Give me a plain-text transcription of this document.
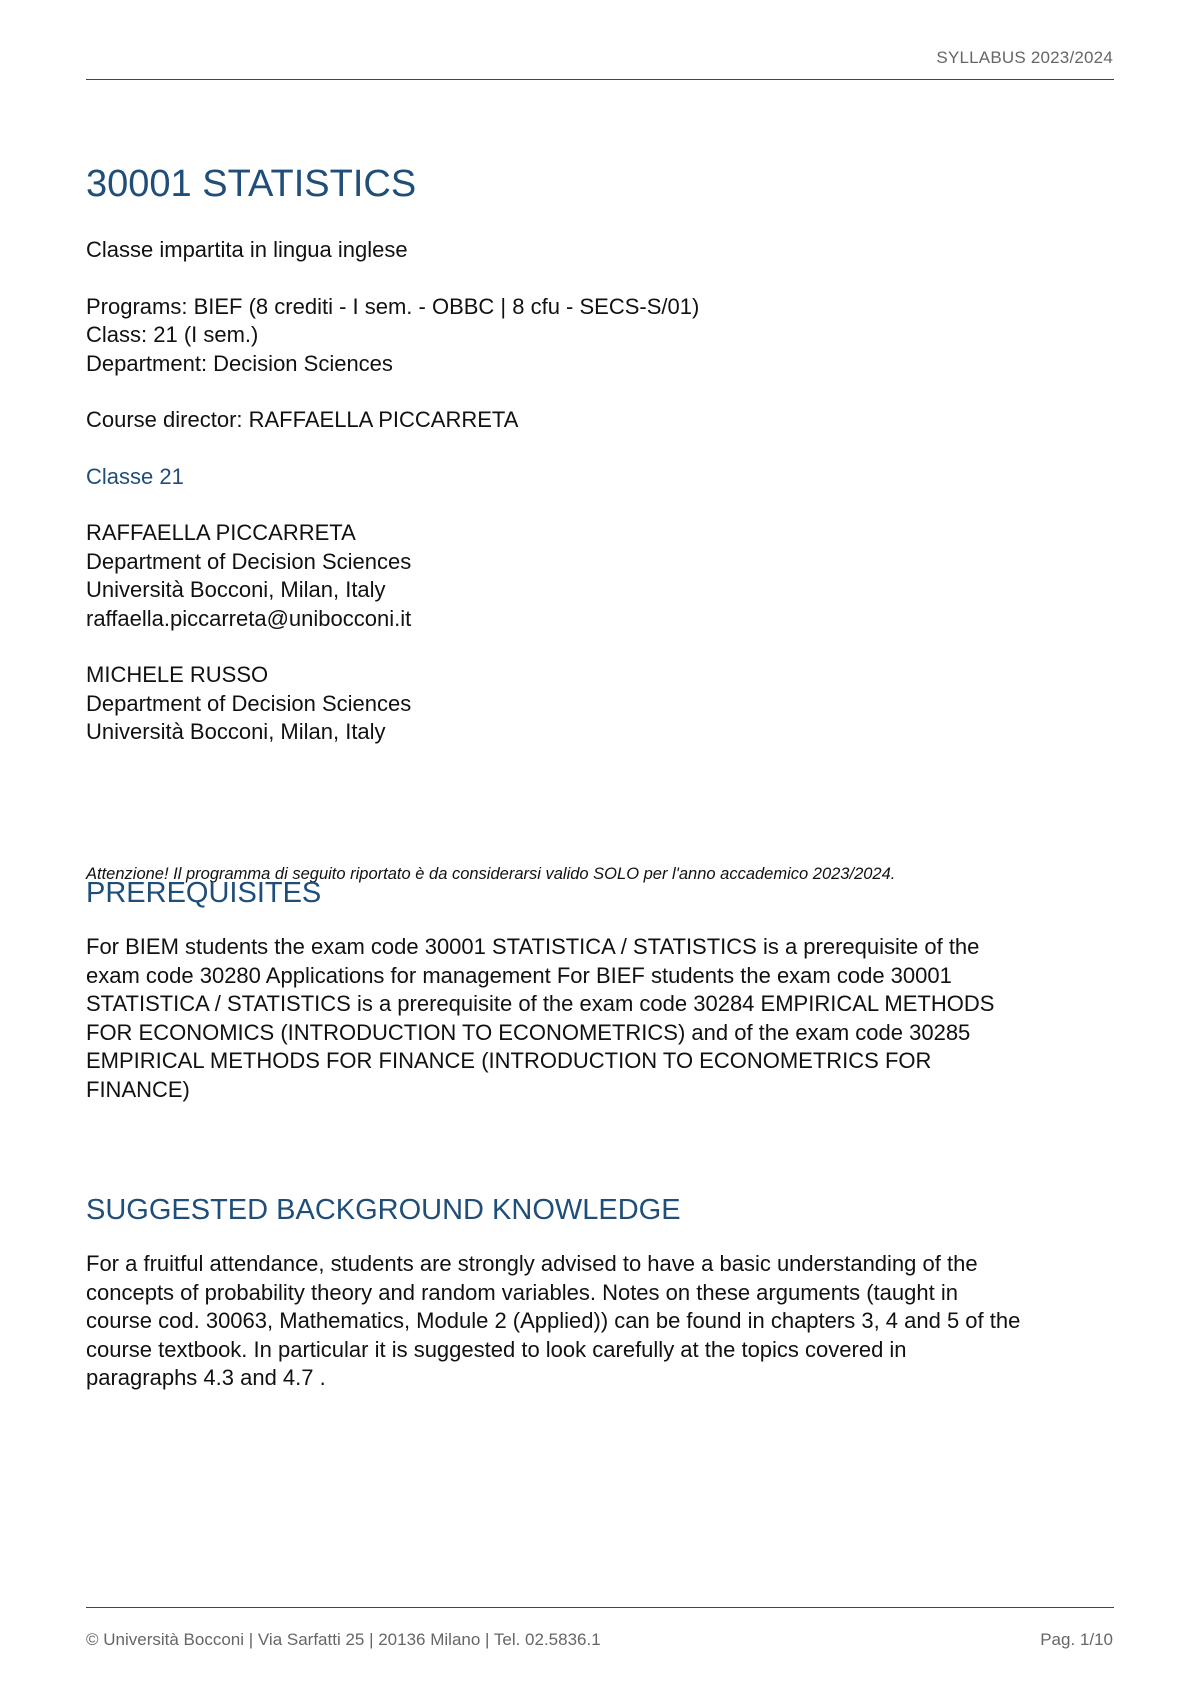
SYLLABUS 2023/2024
30001 STATISTICS

Classe impartita in lingua inglese

Programs: BIEF (8 crediti - I sem. - OBBC | 8 cfu - SECS-S/01)

Class: 21 (I sem.)

Department: Decision Sciences

Course director: RAFFAELLA PICCARRETA

Classe 21

RAFFAELLA PICCARRETA

Department of Decision Sciences

Università Bocconi, Milan, Italy

raffaella.piccarreta@unibocconi.it

MICHELE RUSSO

Department of Decision Sciences

Università Bocconi, Milan, Italy

Attenzione! Il programma di seguito riportato è da considerarsi valido SOLO per l'anno accademico 2023/2024.

PREREQUISITES
For BIEM students the exam code 30001 STATISTICA / STATISTICS is a prerequisite of the
exam code 30280 Applications for management For BIEF students the exam code 30001
STATISTICA / STATISTICS is a prerequisite of the exam code 30284 EMPIRICAL METHODS
FOR ECONOMICS (INTRODUCTION TO ECONOMETRICS) and of the exam code 30285
EMPIRICAL METHODS FOR FINANCE (INTRODUCTION TO ECONOMETRICS FOR
FINANCE)
SUGGESTED BACKGROUND KNOWLEDGE
For a fruitful attendance, students are strongly advised to have a basic understanding of the
concepts of probability theory and random variables. Notes on these arguments (taught in
course cod. 30063, Mathematics, Module 2 (Applied)) can be found in chapters 3, 4 and 5 of the
course textbook. In particular it is suggested to look carefully at the topics covered in
paragraphs 4.3 and 4.7 .
© Università Bocconi | Via Sarfatti 25 | 20136 Milano | Tel. 02.5836.1	Pag. 1/10
